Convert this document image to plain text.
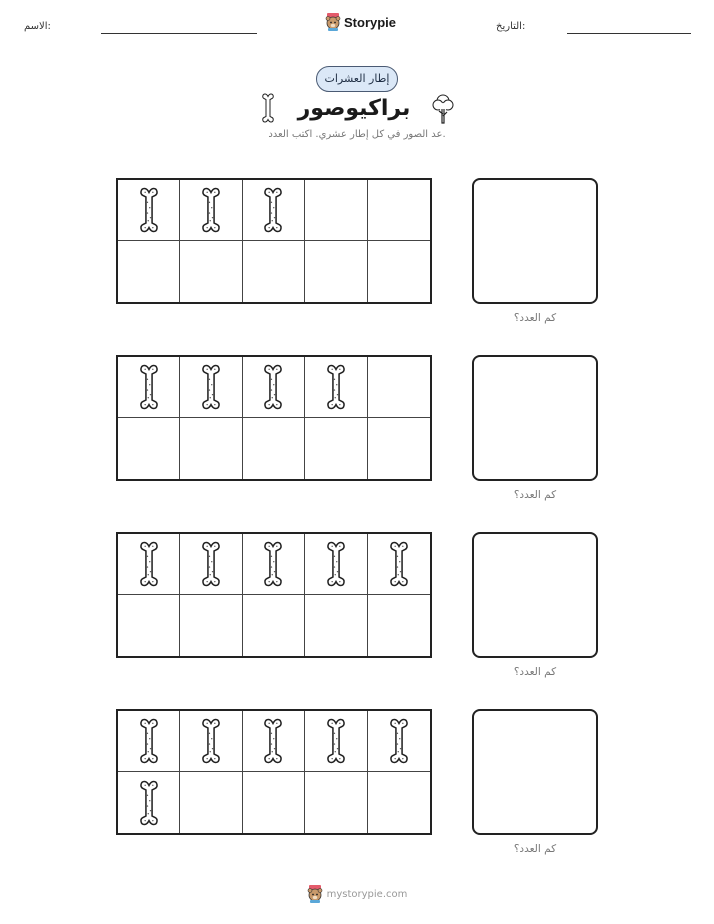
الاسم:	Storypie	التاريخ:
إطار العشرات
براكيوصور
عد الصور في كل إطار عشري. اكتب العدد.
كم العدد؟
كم العدد؟
كم العدد؟
كم العدد؟
mystorypie.com
